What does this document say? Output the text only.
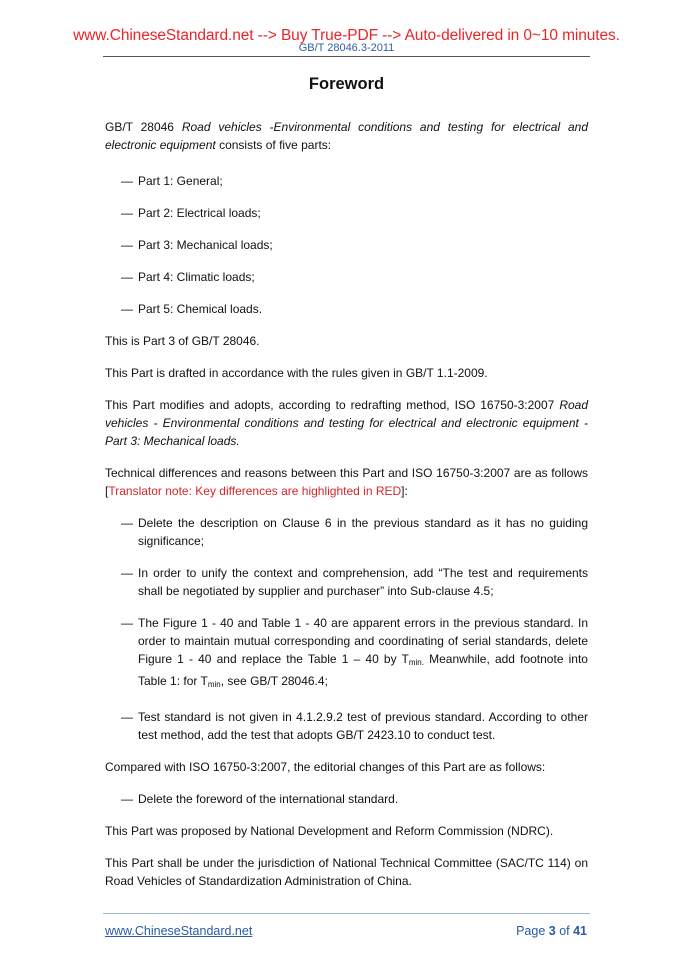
www.ChineseStandard.net --> Buy True-PDF --> Auto-delivered in 0~10 minutes.
GB/T 28046.3-2011
Foreword

GB/T 28046 Road vehicles -Environmental conditions and testing for electrical and electronic equipment consists of five parts:

— Part 1: General;
— Part 2: Electrical loads;
— Part 3: Mechanical loads;
— Part 4: Climatic loads;
— Part 5: Chemical loads.

This is Part 3 of GB/T 28046.

This Part is drafted in accordance with the rules given in GB/T 1.1-2009.

This Part modifies and adopts, according to redrafting method, ISO 16750-3:2007 Road vehicles - Environmental conditions and testing for electrical and electronic equipment - Part 3: Mechanical loads.

Technical differences and reasons between this Part and ISO 16750-3:2007 are as follows [Translator note: Key differences are highlighted in RED]:

— Delete the description on Clause 6 in the previous standard as it has no guiding significance;
— In order to unify the context and comprehension, add “The test and requirements shall be negotiated by supplier and purchaser” into Sub-clause 4.5;
— The Figure 1 - 40 and Table 1 - 40 are apparent errors in the previous standard. In order to maintain mutual corresponding and coordinating of serial standards, delete Figure 1 - 40 and replace the Table 1 – 40 by $T_{min.}$ Meanwhile, add footnote into Table 1: for $T_{min}$, see GB/T 28046.4;
— Test standard is not given in 4.1.2.9.2 test of previous standard. According to other test method, add the test that adopts GB/T 2423.10 to conduct test.

Compared with ISO 16750-3:2007, the editorial changes of this Part are as follows:

— Delete the foreword of the international standard.

This Part was proposed by National Development and Reform Commission (NDRC).

This Part shall be under the jurisdiction of National Technical Committee (SAC/TC 114) on Road Vehicles of Standardization Administration of China.

www.ChineseStandard.net	Page 3 of 41
